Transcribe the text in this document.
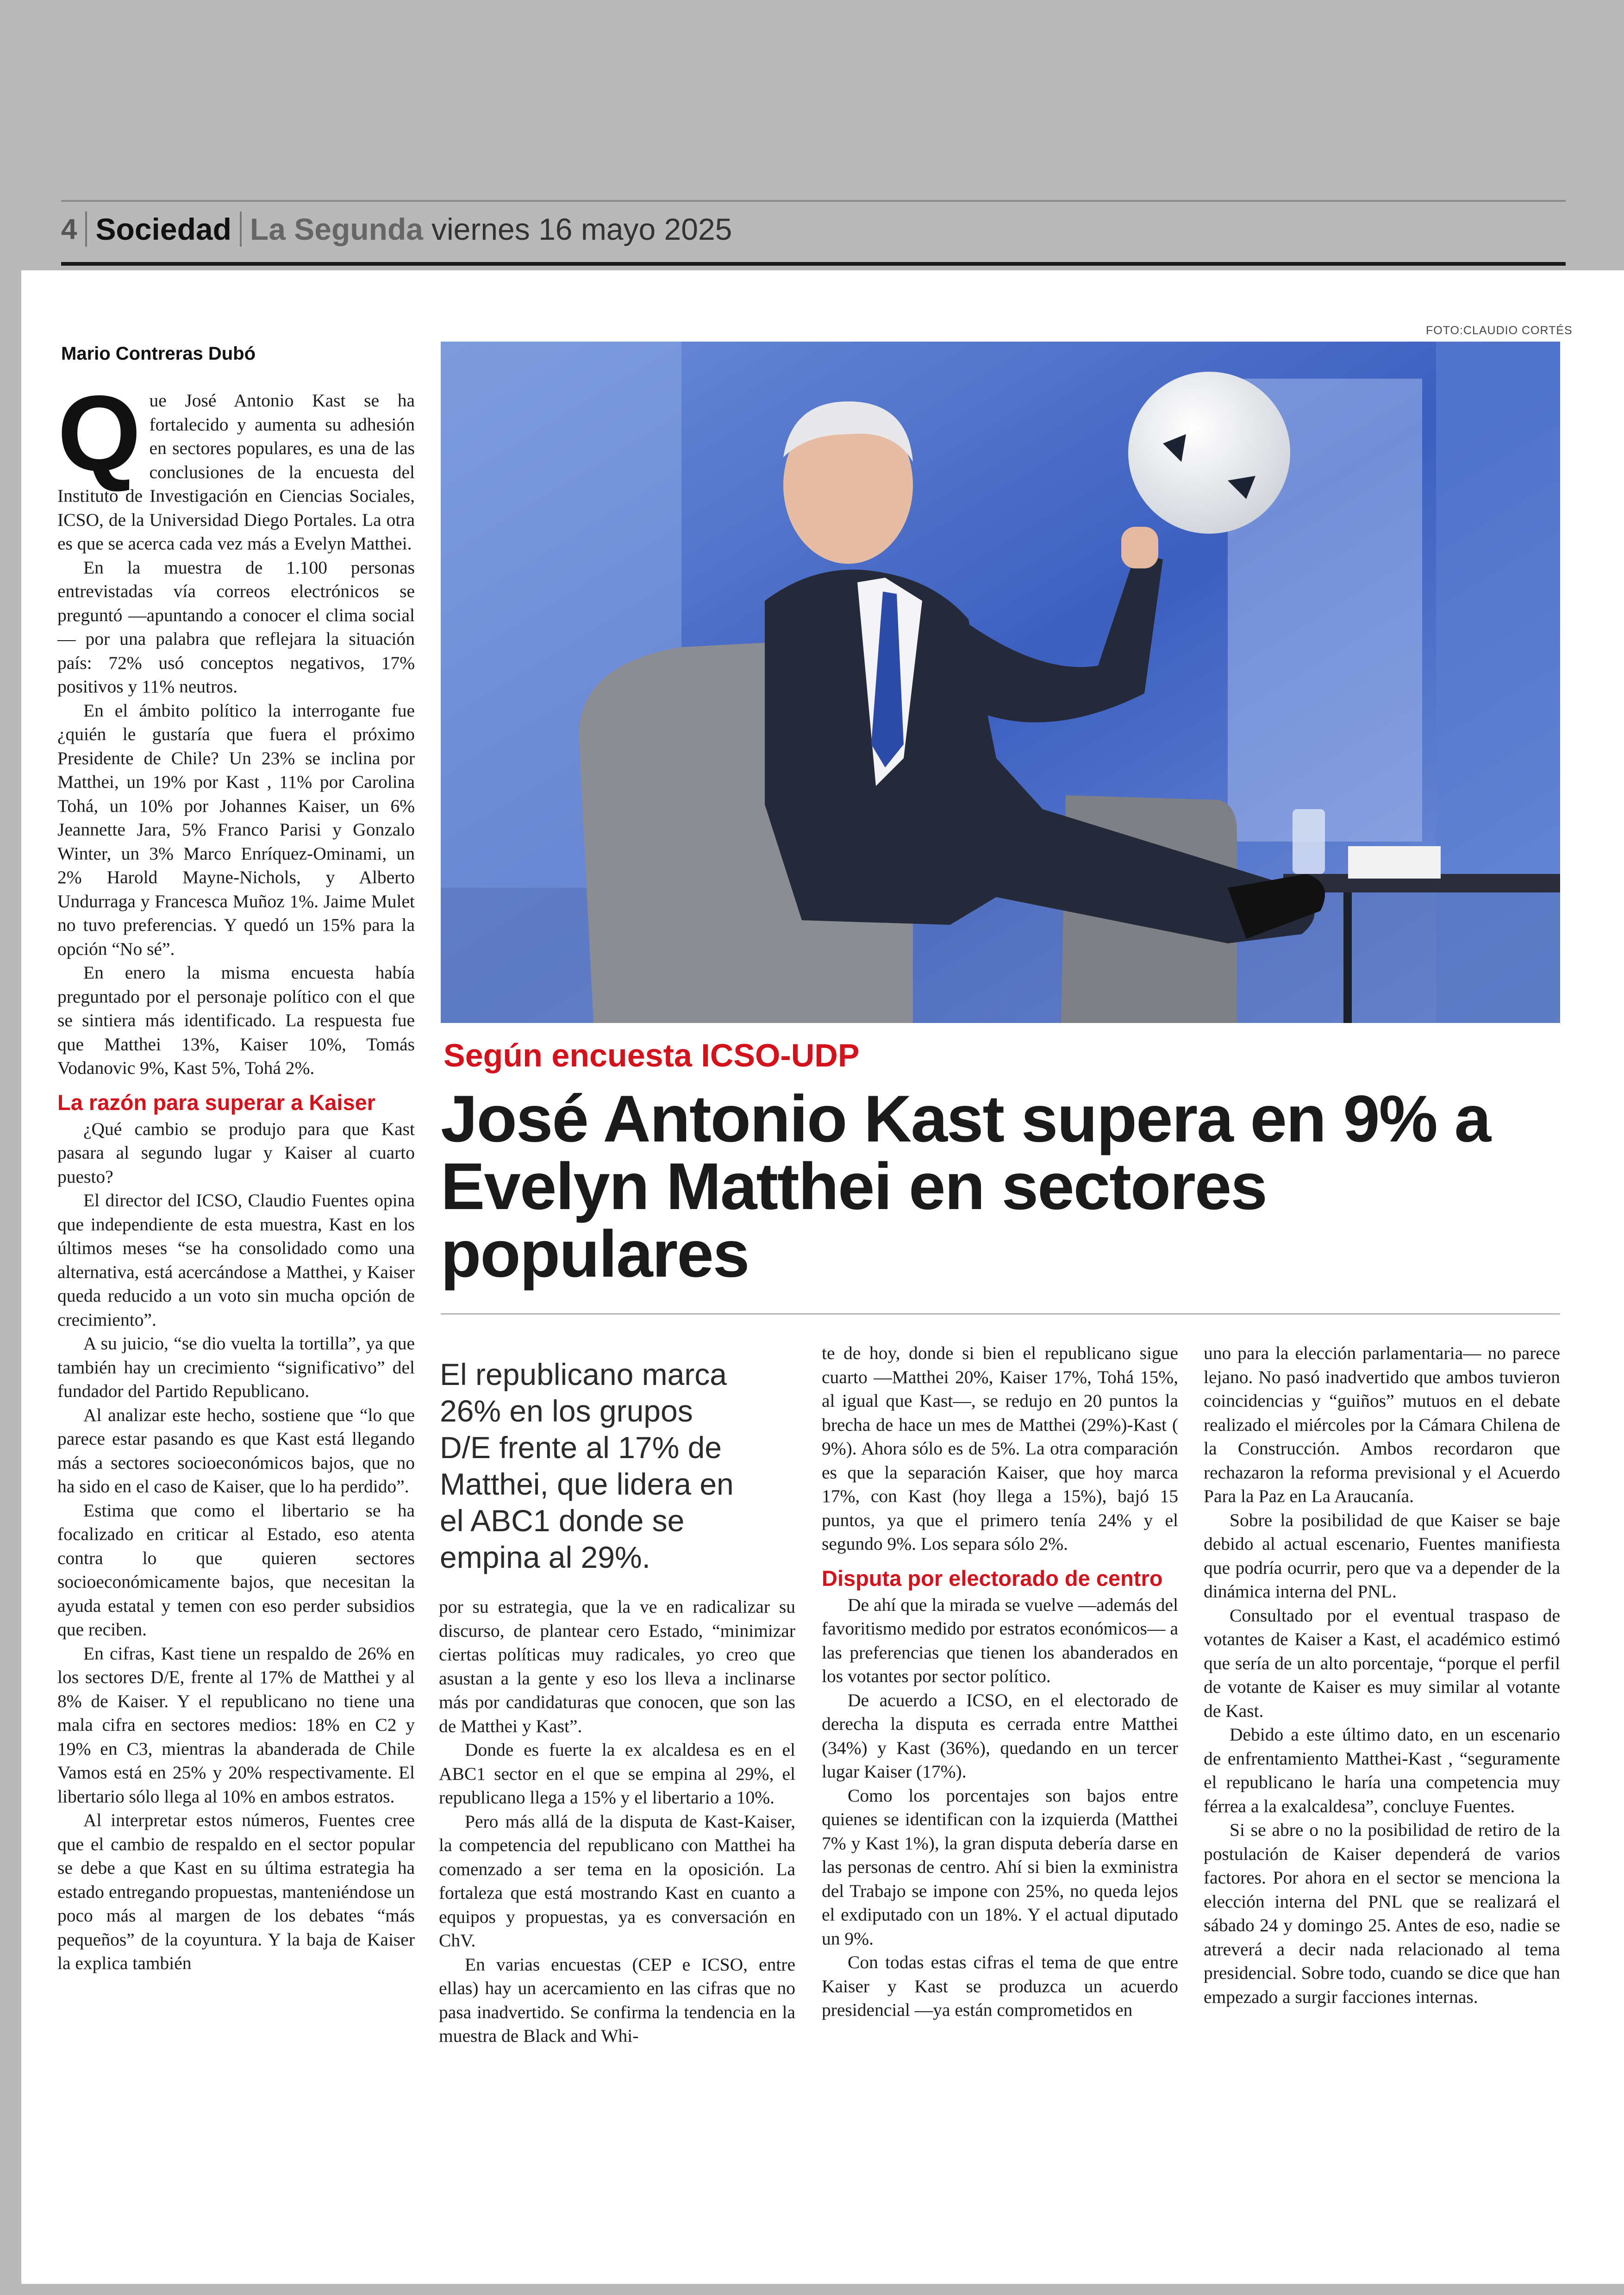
4 Sociedad La Segunda viernes 16 mayo 2025
FOTO:CLAUDIO CORTÉS
Mario Contreras Dubó

Que José Antonio Kast se ha fortalecido y aumenta su adhesión en sectores populares, es una de las conclusiones de la encuesta del Instituto de Investigación en Ciencias Sociales, ICSO, de la Universidad Diego Portales. La otra es que se acerca cada vez más a Evelyn Matthei.

En la muestra de 1.100 personas entrevistadas vía correos electrónicos se preguntó —apuntando a conocer el clima social— por una palabra que reflejara la situación país: 72% usó conceptos negativos, 17% positivos y 11% neutros.

En el ámbito político la interrogante fue ¿quién le gustaría que fuera el próximo Presidente de Chile? Un 23% se inclina por Matthei, un 19% por Kast , 11% por Carolina Tohá, un 10% por Johannes Kaiser, un 6% Jeannette Jara, 5% Franco Parisi y Gonzalo Winter, un 3% Marco Enríquez-Ominami, un 2% Harold Mayne-Nichols, y Alberto Undurraga y Francesca Muñoz 1%. Jaime Mulet no tuvo preferencias. Y quedó un 15% para la opción “No sé”.

En enero la misma encuesta había preguntado por el personaje político con el que se sintiera más identificado. La respuesta fue que Matthei 13%, Kaiser 10%, Tomás Vodanovic 9%, Kast 5%, Tohá 2%.

La razón para superar a Kaiser

¿Qué cambio se produjo para que Kast pasara al segundo lugar y Kaiser al cuarto puesto?

El director del ICSO, Claudio Fuentes opina que independiente de esta muestra, Kast en los últimos meses “se ha consolidado como una alternativa, está acercándose a Matthei, y Kaiser queda reducido a un voto sin mucha opción de crecimiento”.

A su juicio, “se dio vuelta la tortilla”, ya que también hay un crecimiento “significativo” del fundador del Partido Republicano.

Al analizar este hecho, sostiene que “lo que parece estar pasando es que Kast está llegando más a sectores socioeconómicos bajos, que no ha sido en el caso de Kaiser, que lo ha perdido”.

Estima que como el libertario se ha focalizado en criticar al Estado, eso atenta contra lo que quieren sectores socioeconómicamente bajos, que necesitan la ayuda estatal y temen con eso perder subsidios que reciben.

En cifras, Kast tiene un respaldo de 26% en los sectores D/E, frente al 17% de Matthei y al 8% de Kaiser. Y el republicano no tiene una mala cifra en sectores medios: 18% en C2 y 19% en C3, mientras la abanderada de Chile Vamos está en 25% y 20% respectivamente. El libertario sólo llega al 10% en ambos estratos.

Al interpretar estos números, Fuentes cree que el cambio de respaldo en el sector popular se debe a que Kast en su última estrategia ha estado entregando propuestas, manteniéndose un poco más al margen de los debates “más pequeños” de la coyuntura. Y la baja de Kaiser la explica también

Según encuesta ICSO-UDP
José Antonio Kast supera en 9% a Evelyn Matthei en sectores populares
El republicano marca 26% en los grupos D/E frente al 17% de Matthei, que lidera en el ABC1 donde se empina al 29%.

por su estrategia, que la ve en radicalizar su discurso, de plantear cero Estado, “minimizar ciertas políticas muy radicales, yo creo que asustan a la gente y eso los lleva a inclinarse más por candidaturas que conocen, que son las de Matthei y Kast”.

Donde es fuerte la ex alcaldesa es en el ABC1 sector en el que se empina al 29%, el republicano llega a 15% y el libertario a 10%.

Pero más allá de la disputa de Kast-Kaiser, la competencia del republicano con Matthei ha comenzado a ser tema en la oposición. La fortaleza que está mostrando Kast en cuanto a equipos y propuestas, ya es conversación en ChV.

En varias encuestas (CEP e ICSO, entre ellas) hay un acercamiento en las cifras que no pasa inadvertido. Se confirma la tendencia en la muestra de Black and Whi-

te de hoy, donde si bien el republicano sigue cuarto —Matthei 20%, Kaiser 17%, Tohá 15%, al igual que Kast—, se redujo en 20 puntos la brecha de hace un mes de Matthei (29%)-Kast ( 9%). Ahora sólo es de 5%. La otra comparación es que la separación Kaiser, que hoy marca 17%, con Kast (hoy llega a 15%), bajó 15 puntos, ya que el primero tenía 24% y el segundo 9%. Los separa sólo 2%.

Disputa por electorado de centro

De ahí que la mirada se vuelve —además del favoritismo medido por estratos económicos— a las preferencias que tienen los abanderados en los votantes por sector político.

De acuerdo a ICSO, en el electorado de derecha la disputa es cerrada entre Matthei (34%) y Kast (36%), quedando en un tercer lugar Kaiser (17%).

Como los porcentajes son bajos entre quienes se identifican con la izquierda (Matthei 7% y Kast 1%), la gran disputa debería darse en las personas de centro. Ahí si bien la exministra del Trabajo se impone con 25%, no queda lejos el exdiputado con un 18%. Y el actual diputado un 9%.

Con todas estas cifras el tema de que entre Kaiser y Kast se produzca un acuerdo presidencial —ya están comprometidos en

uno para la elección parlamentaria— no parece lejano. No pasó inadvertido que ambos tuvieron coincidencias y “guiños” mutuos en el debate realizado el miércoles por la Cámara Chilena de la Construcción. Ambos recordaron que rechazaron la reforma previsional y el Acuerdo Para la Paz en La Araucanía.

Sobre la posibilidad de que Kaiser se baje debido al actual escenario, Fuentes manifiesta que podría ocurrir, pero que va a depender de la dinámica interna del PNL.

Consultado por el eventual traspaso de votantes de Kaiser a Kast, el académico estimó que sería de un alto porcentaje, “porque el perfil de votante de Kaiser es muy similar al votante de Kast.

Debido a este último dato, en un escenario de enfrentamiento Matthei-Kast , “seguramente el republicano le haría una competencia muy férrea a la exalcaldesa”, concluye Fuentes.

Si se abre o no la posibilidad de retiro de la postulación de Kaiser dependerá de varios factores. Por ahora en el sector se menciona la elección interna del PNL que se realizará el sábado 24 y domingo 25. Antes de eso, nadie se atreverá a decir nada relacionado al tema presidencial. Sobre todo, cuando se dice que han empezado a surgir facciones internas.
